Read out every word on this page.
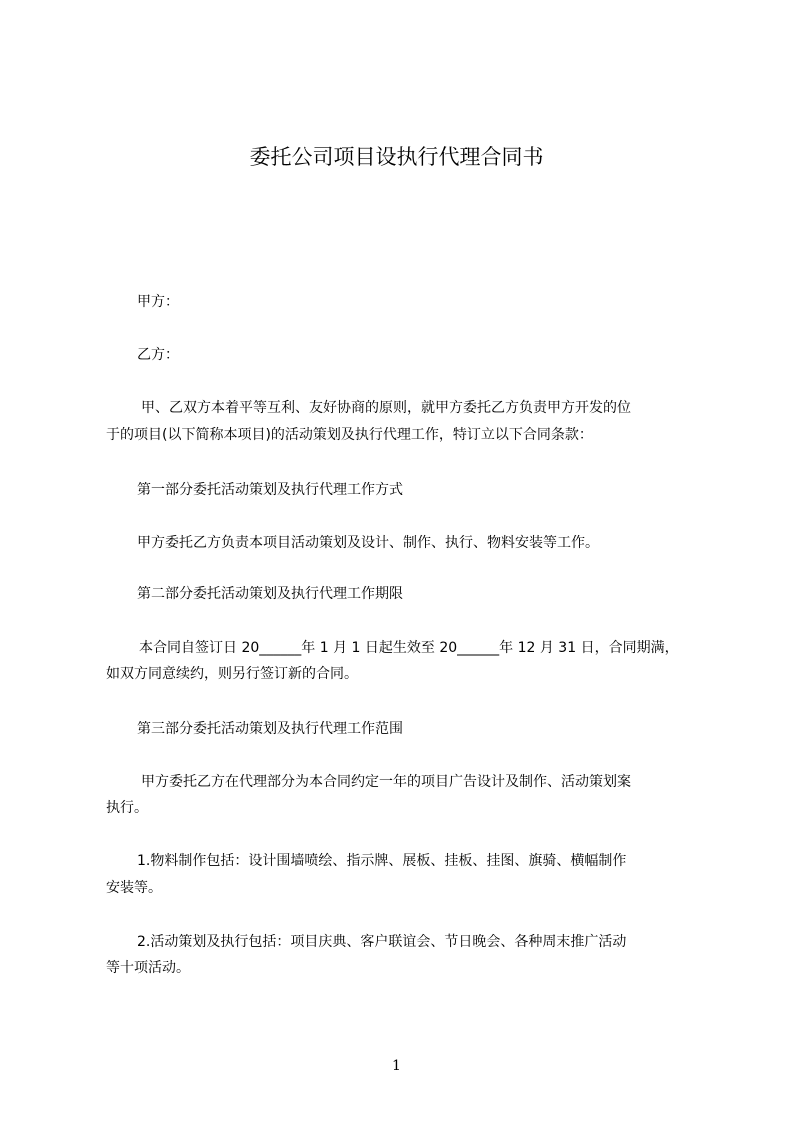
委托公司项目设执行代理合同书
甲方：
乙方：
甲、乙双方本着平等互利、友好协商的原则，就甲方委托乙方负责甲方开发的位
于的项目(以下简称本项目)的活动策划及执行代理工作，特订立以下合同条款：
第一部分委托活动策划及执行代理工作方式
甲方委托乙方负责本项目活动策划及设计、制作、执行、物料安装等工作。
第二部分委托活动策划及执行代理工作期限
本合同自签订日 20______年 1 月 1 日起生效至 20______年 12 月 31 日，合同期满，
如双方同意续约，则另行签订新的合同。
第三部分委托活动策划及执行代理工作范围
甲方委托乙方在代理部分为本合同约定一年的项目广告设计及制作、活动策划案
执行。
1.物料制作包括：设计围墙喷绘、指示牌、展板、挂板、挂图、旗骑、横幅制作
安装等。
2.活动策划及执行包括：项目庆典、客户联谊会、节日晚会、各种周末推广活动
等十项活动。
1
